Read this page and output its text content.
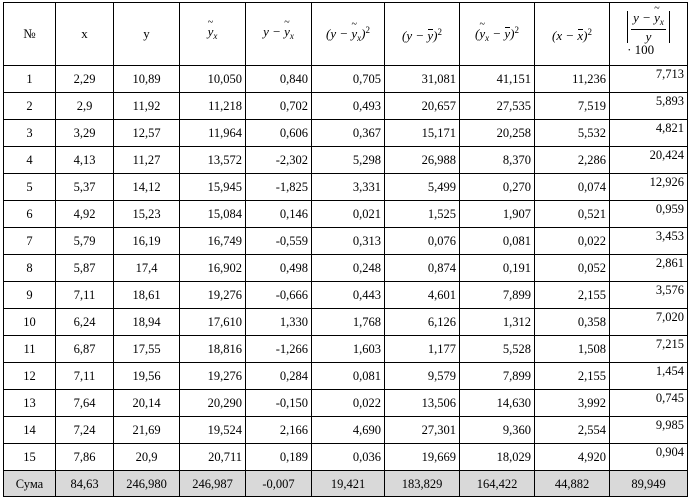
№	x	y	y $\sim_x$	y − y $\sim_x$	(y − y $\sim_x)^2$	$(y - y)^2$	(y $\sim_x - y)^2$	$(x - x)^2$	$\frac{y - y \sim_x}{y}$
· 100

1	2,29	10,89	10,050	0,840	0,705	31,081	41,151	11,236	7,713
2	2,9	11,92	11,218	0,702	0,493	20,657	27,535	7,519	5,893
3	3,29	12,57	11,964	0,606	0,367	15,171	20,258	5,532	4,821
4	4,13	11,27	13,572	-2,302	5,298	26,988	8,370	2,286	20,424
5	5,37	14,12	15,945	-1,825	3,331	5,499	0,270	0,074	12,926
6	4,92	15,23	15,084	0,146	0,021	1,525	1,907	0,521	0,959
7	5,79	16,19	16,749	-0,559	0,313	0,076	0,081	0,022	3,453
8	5,87	17,4	16,902	0,498	0,248	0,874	0,191	0,052	2,861
9	7,11	18,61	19,276	-0,666	0,443	4,601	7,899	2,155	3,576
10	6,24	18,94	17,610	1,330	1,768	6,126	1,312	0,358	7,020
11	6,87	17,55	18,816	-1,266	1,603	1,177	5,528	1,508	7,215
12	7,11	19,56	19,276	0,284	0,081	9,579	7,899	2,155	1,454
13	7,64	20,14	20,290	-0,150	0,022	13,506	14,630	3,992	0,745
14	7,24	21,69	19,524	2,166	4,690	27,301	9,360	2,554	9,985
15	7,86	20,9	20,711	0,189	0,036	19,669	18,029	4,920	0,904
Сума	84,63	246,980	246,987	-0,007	19,421	183,829	164,422	44,882	89,949
